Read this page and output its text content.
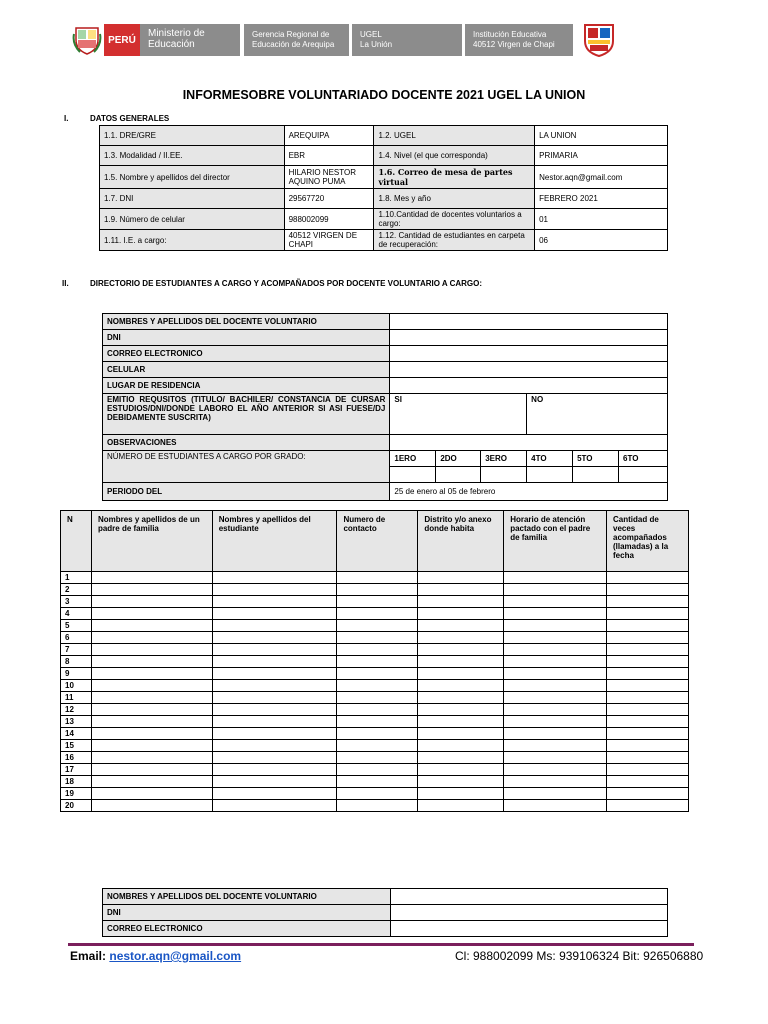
PERÚ
Ministerio de Educación
Gerencia Regional de Educación de Arequipa
UGEL
La Unión
Institución Educativa
40512 Virgen de Chapi
INFORMESOBRE VOLUNTARIADO DOCENTE 2021 UGEL LA UNION
I.	DATOS GENERALES
1.1. DRE/GRE	AREQUIPA	1.2. UGEL	LA UNION
1.3. Modalidad / II.EE.	EBR	1.4. Nivel (el que corresponda)	PRIMARIA
1.5. Nombre y apellidos del director	HILARIO NESTOR AQUINO PUMA	1.6. Correo de mesa de partes virtual	Nestor.aqn@gmail.com
1.7. DNI	29567720	1.8. Mes y año	FEBRERO 2021
1.9. Número de celular	988002099	1.10.Cantidad de docentes voluntarios a cargo:	01
1.11. I.E. a cargo:	40512 VIRGEN DE CHAPI	1.12. Cantidad de estudiantes en carpeta de recuperación:	06
II.	DIRECTORIO DE ESTUDIANTES A CARGO Y ACOMPAÑADOS POR DOCENTE VOLUNTARIO A CARGO:
NOMBRES Y APELLIDOS DEL DOCENTE VOLUNTARIO						
DNI						
CORREO ELECTRONICO						
CELULAR						
LUGAR DE RESIDENCIA						
EMITIO REQUSITOS (TITULO/ BACHILER/ CONSTANCIA DE CURSAR ESTUDIOS/DNI/DONDE LABORO EL AÑO ANTERIOR SI ASI FUESE/DJ DEBIDAMENTE SUSCRITA)	SI			NO		
OBSERVACIONES						
NÚMERO DE ESTUDIANTES A CARGO POR GRADO:	1ERO	2DO	3ERO	4TO	5TO	6TO

PERIODO DEL	25 de enero al 05 de febrero					
N	Nombres y apellidos de un padre de familia	Nombres y apellidos del estudiante	Numero de contacto	Distrito y/o anexo donde habita	Horario de atención pactado con el padre de familia	Cantidad de veces acompañados (llamadas) a la fecha
1						
2						
3						
4						
5						
6						
7						
8						
9						
10						
11						
12						
13						
14						
15						
16						
17						
18						
19						
20						
NOMBRES Y APELLIDOS DEL DOCENTE VOLUNTARIO	
DNI	
CORREO ELECTRONICO	
Email: nestor.aqn@gmail.com	Cl: 988002099 Ms: 939106324 Bit: 926506880
